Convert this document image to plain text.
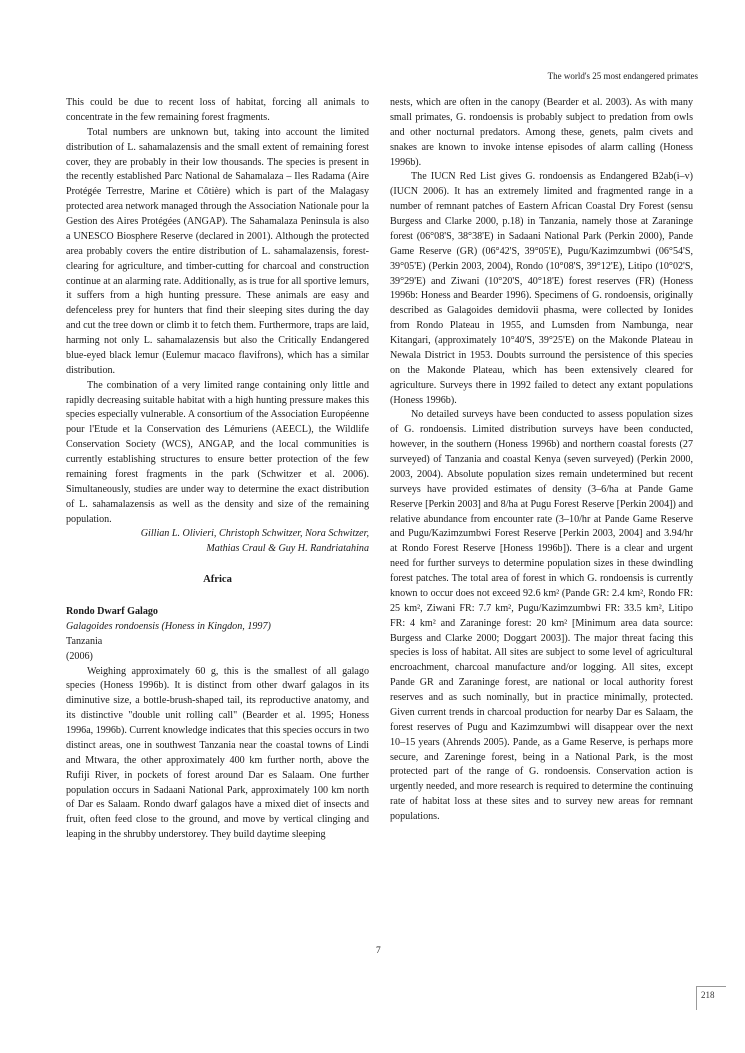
The world's 25 most endangered primates

This could be due to recent loss of habitat, forcing all animals to concentrate in the few remaining forest fragments.

Total numbers are unknown but, taking into account the limited distribution of L. sahamalazensis and the small extent of remaining forest cover, they are probably in their low thousands. The species is present in the recently established Parc National de Sahamalaza – Iles Radama (Aire Protégée Terrestre, Marine et Côtière) which is part of the Malagasy protected area network managed through the Association Nationale pour la Gestion des Aires Protégées (ANGAP). The Sahamalaza Peninsula is also a UNESCO Biosphere Reserve (declared in 2001). Although the protected area probably covers the entire distribution of L. sahamalazensis, forest-clearing for agriculture, and timber-cutting for charcoal and construction continue at an alarming rate. Additionally, as is true for all sportive lemurs, it suffers from a high hunting pressure. These animals are easy and defenceless prey for hunters that find their sleeping sites during the day and cut the tree down or climb it to fetch them. Furthermore, traps are laid, harming not only L. sahamalazensis but also the Critically Endangered blue-eyed black lemur (Eulemur macaco flavifrons), which has a similar distribution.

The combination of a very limited range containing only little and rapidly decreasing suitable habitat with a high hunting pressure makes this species especially vulnerable. A consortium of the Association Européenne pour l'Etude et la Conservation des Lémuriens (AEECL), the Wildlife Conservation Society (WCS), ANGAP, and the local communities is currently establishing structures to ensure better protection of the few remaining forest fragments in the park (Schwitzer et al. 2006). Simultaneously, studies are under way to determine the exact distribution of L. sahamalazensis as well as the density and size of the remaining population.

Gillian L. Olivieri, Christoph Schwitzer, Nora Schwitzer,
Mathias Craul & Guy H. Randriatahina

Africa

Rondo Dwarf Galago

Galagoides rondoensis (Honess in Kingdon, 1997)

Tanzania

(2006)

Weighing approximately 60 g, this is the smallest of all galago species (Honess 1996b). It is distinct from other dwarf galagos in its diminutive size, a bottle-brush-shaped tail, its reproductive anatomy, and its distinctive "double unit rolling call" (Bearder et al. 1995; Honess 1996a, 1996b). Current knowledge indicates that this species occurs in two distinct areas, one in southwest Tanzania near the coastal towns of Lindi and Mtwara, the other approximately 400 km further north, above the Rufiji River, in pockets of forest around Dar es Salaam. One further population occurs in Sadaani National Park, approximately 100 km north of Dar es Salaam. Rondo dwarf galagos have a mixed diet of insects and fruit, often feed close to the ground, and move by vertical clinging and leaping in the shrubby understorey. They build daytime sleeping

nests, which are often in the canopy (Bearder et al. 2003). As with many small primates, G. rondoensis is probably subject to predation from owls and other nocturnal predators. Among these, genets, palm civets and snakes are known to invoke intense episodes of alarm calling (Honess 1996b).

The IUCN Red List gives G. rondoensis as Endangered B2ab(i–v) (IUCN 2006). It has an extremely limited and fragmented range in a number of remnant patches of Eastern African Coastal Dry Forest (sensu Burgess and Clarke 2000, p.18) in Tanzania, namely those at Zaraninge forest (06°08'S, 38°38'E) in Sadaani National Park (Perkin 2000), Pande Game Reserve (GR) (06°42'S, 39°05'E), Pugu/Kazimzumbwi (06°54'S, 39°05'E) (Perkin 2003, 2004), Rondo (10°08'S, 39°12'E), Litipo (10°02'S, 39°29'E) and Ziwani (10°20'S, 40°18'E) forest reserves (FR) (Honess 1996b: Honess and Bearder 1996). Specimens of G. rondoensis, originally described as Galagoides demidovii phasma, were collected by Ionides from Rondo Plateau in 1955, and Lumsden from Nambunga, near Kitangari, (approximately 10°40'S, 39°25'E) on the Makonde Plateau in Newala District in 1953. Doubts surround the persistence of this species on the Makonde Plateau, which has been extensively cleared for agriculture. Surveys there in 1992 failed to detect any extant populations (Honess 1996b).

No detailed surveys have been conducted to assess population sizes of G. rondoensis. Limited distribution surveys have been conducted, however, in the southern (Honess 1996b) and northern coastal forests (27 surveyed) of Tanzania and coastal Kenya (seven surveyed) (Perkin 2000, 2003, 2004). Absolute population sizes remain undetermined but recent surveys have provided estimates of density (3–6/ha at Pande Game Reserve [Perkin 2003] and 8/ha at Pugu Forest Reserve [Perkin 2004]) and relative abundance from encounter rate (3–10/hr at Pande Game Reserve and Pugu/Kazimzumbwi Forest Reserve [Perkin 2003, 2004] and 3.94/hr at Rondo Forest Reserve [Honess 1996b]). There is a clear and urgent need for further surveys to determine population sizes in these dwindling forest patches. The total area of forest in which G. rondoensis is currently known to occur does not exceed 92.6 km² (Pande GR: 2.4 km², Rondo FR: 25 km², Ziwani FR: 7.7 km², Pugu/Kazimzumbwi FR: 33.5 km², Litipo FR: 4 km² and Zaraninge forest: 20 km² [Minimum area data source: Burgess and Clarke 2000; Doggart 2003]). The major threat facing this species is loss of habitat. All sites are subject to some level of agricultural encroachment, charcoal manufacture and/or logging. All sites, except Pande GR and Zaraninge forest, are national or local authority forest reserves and as such nominally, but in practice minimally, protected. Given current trends in charcoal production for nearby Dar es Salaam, the forest reserves of Pugu and Kazimzumbwi will disappear over the next 10–15 years (Ahrends 2005). Pande, as a Game Reserve, is perhaps more secure, and Zareninge forest, being in a National Park, is the most protected part of the range of G. rondoensis. Conservation action is urgently needed, and more research is required to determine the continuing rate of habitat loss at these sites and to survey new areas for remnant populations.

7
218
